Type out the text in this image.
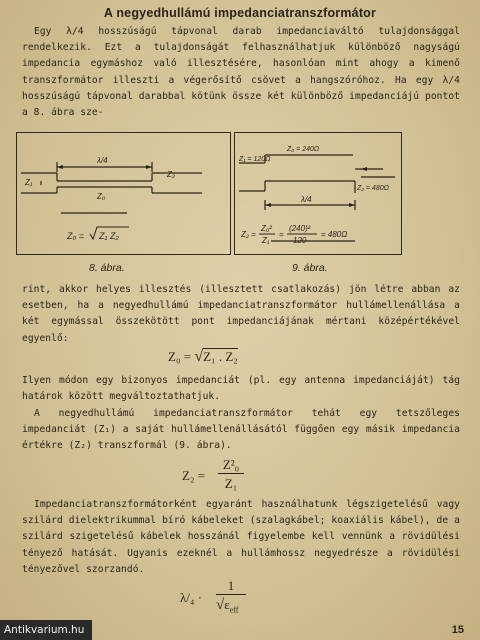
A negyedhullámú impedanciatranszformátor
Egy λ/4 hosszúságú tápvonal darab impedanciaváltó tulajdonsággal rendelkezik. Ezt a tulajdonságát felhasználhatjuk különböző nagyságú impedancia egymáshoz való illesztésére, hasonlóan mint ahogy a kimenő transzformátor illeszti a végerősítő csövet a hangszóróhoz. Ha egy λ/4 hosszúságú tápvonal darabbal kötünk össze két különböző impedanciájú pontot a 8. ábra sze-
λ/4
Z₁
Z₂
Z₀
Z₀ = Z₁ Z₂
8. ábra.
Z₁ = 120Ω
Z₀ = 240Ω
Z₂ = 480Ω
λ/4
Z₂ =
Z₀²
Z₁
=
(240)²
120
= 480Ω
9. ábra.
rint, akkor helyes illesztés (illesztett csatlakozás) jön létre abban az esetben, ha a negyedhullámú impedanciatranszformátor hullámellenállása a két egymással összekötött pont impedanciájának mértani középértékével egyenlő:
Z₀ = √Z₁ . Z₂
Ilyen módon egy bizonyos impedanciát (pl. egy antenna impedanciáját) tág határok között megváltoztathatjuk.
A negyedhullámú impedanciatranszformátor tehát egy tetszőleges impedanciát (Z₁) a saját hullámellenállásától függően egy másik impedancia értékre (Z₂) transzformál (9. ábra).
Z₂ =
Z²₀
Z₁
Impedanciatranszformátorként egyaránt használhatunk légszigetelésű vagy szilárd dielektrikummal bíró kábeleket (szalagkábel; koaxiális kábel), de a szilárd szigetelésű kábelek hosszánál figyelembe kell vennünk a rövidülési tényező hatását. Ugyanis ezeknél a hullámhossz negyedrésze a rövidülési tényezővel szorzandó.
λ/₄ ·
1
$√\varepsilon_{eff}$
Antikvarium.hu	15
